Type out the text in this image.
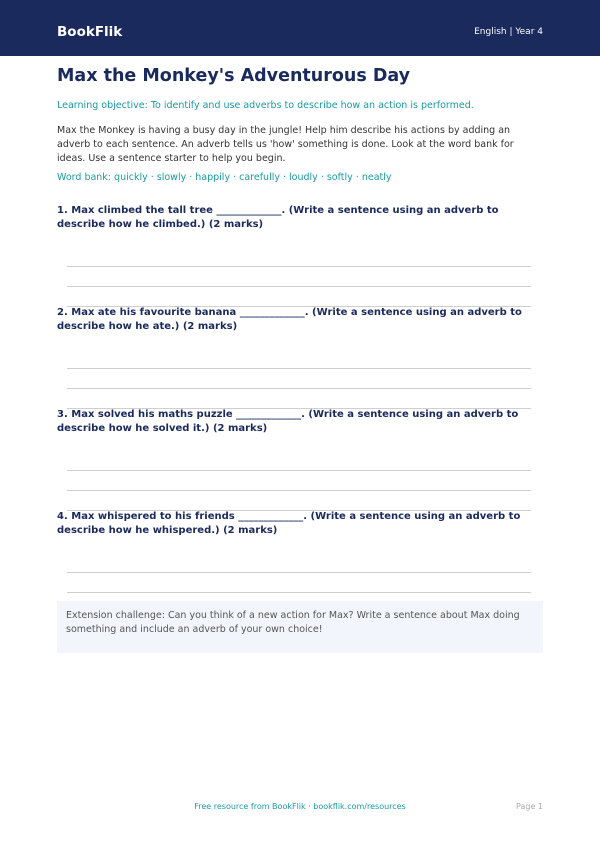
BookFlik	English | Year 4
Max the Monkey's Adventurous Day
Learning objective: To identify and use adverbs to describe how an action is performed.
Max the Monkey is having a busy day in the jungle! Help him describe his actions by adding an adverb to each sentence. An adverb tells us 'how' something is done. Look at the word bank for ideas. Use a sentence starter to help you begin.
Word bank: quickly · slowly · happily · carefully · loudly · softly · neatly
1. Max climbed the tall tree _____________. (Write a sentence using an adverb to describe how he climbed.) (2 marks)
2. Max ate his favourite banana _____________. (Write a sentence using an adverb to describe how he ate.) (2 marks)
3. Max solved his maths puzzle _____________. (Write a sentence using an adverb to describe how he solved it.) (2 marks)
4. Max whispered to his friends _____________. (Write a sentence using an adverb to describe how he whispered.) (2 marks)
Extension challenge: Can you think of a new action for Max? Write a sentence about Max doing something and include an adverb of your own choice!
Free resource from BookFlik · bookflik.com/resources	Page 1
